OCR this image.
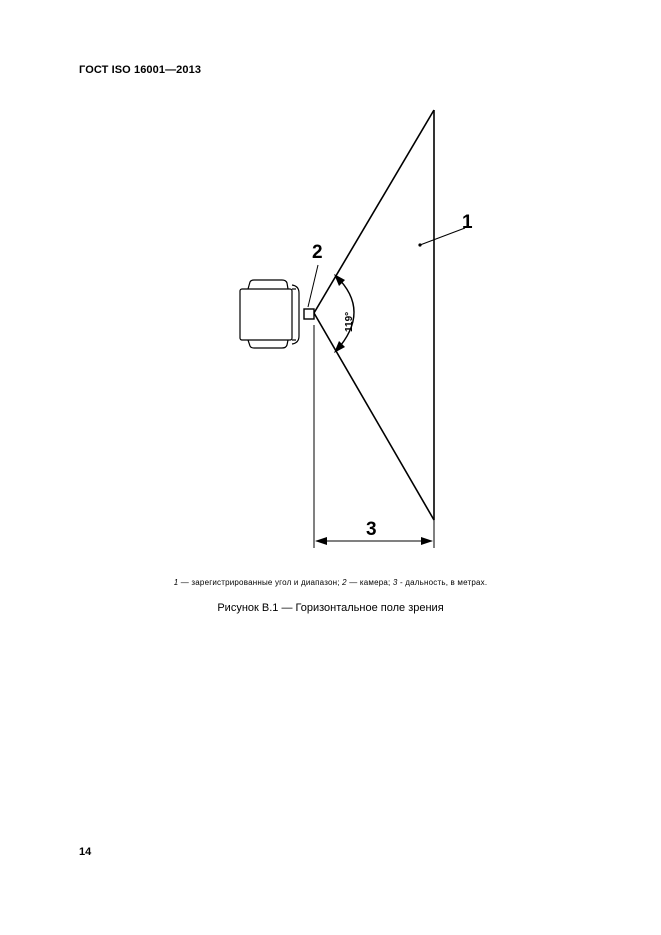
ГОСТ ISO 16001—2013
119°
1
2
3
1 — зарегистрированные угол и диапазон; 2 — камера; 3 - дальность, в метрах.
Рисунок В.1 — Горизонтальное поле зрения
14
